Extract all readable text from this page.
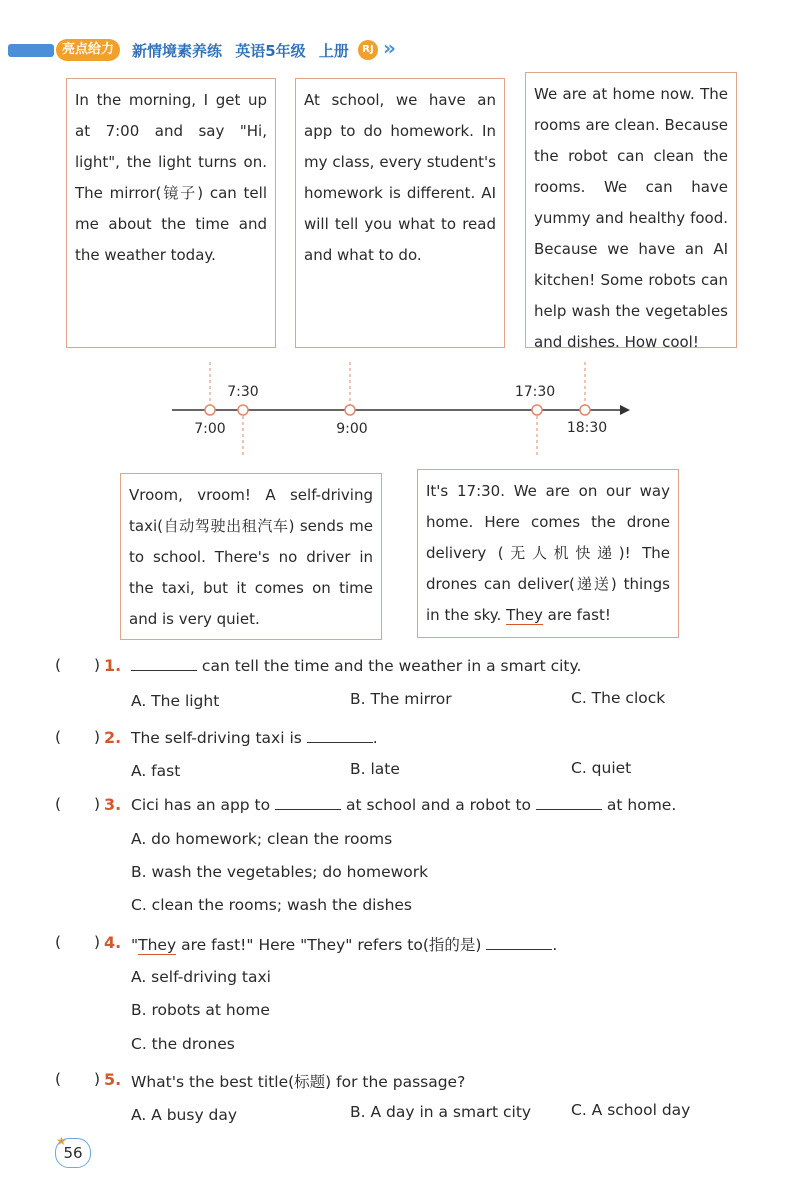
亮点给力	新情境素养练 英语5年级 上册	RJ »

In the morning, I get up at 7:00 and say "Hi, light", the light turns on. The mirror(镜子) can tell me about the time and the weather today.

At school, we have an app to do homework. In my class, every student's homework is different. AI will tell you what to read and what to do.

We are at home now. The rooms are clean. Because the robot can clean the rooms. We can have yummy and healthy food. Because we have an AI kitchen! Some robots can help wash the vegetables and dishes. How cool!

Vroom, vroom! A self-driving taxi(自动驾驶出租汽车) sends me to school. There's no driver in the taxi, but it comes on time and is very quiet.

It's 17:30. We are on our way home. Here comes the drone delivery (无人机快递)! The drones can deliver(递送) things in the sky. They are fast!

7:00
7:30
9:00
17:30
18:30
( ) 1.	can tell the time and the weather in a smart city.
A. The light	B. The mirror	C. The clock
( ) 2. The self-driving taxi is	.
A. fast	B. late	C. quiet
( ) 3. Cici has an app to	at school and a robot to	at home.
A. do homework; clean the rooms
B. wash the vegetables; do homework
C. clean the rooms; wash the dishes
( ) 4. "They are fast!" Here "They" refers to(指的是)	.
A. self-driving taxi
B. robots at home
C. the drones
( ) 5. What's the best title(标题) for the passage?
A. A busy day	B. A day in a smart city	C. A school day
★
56
